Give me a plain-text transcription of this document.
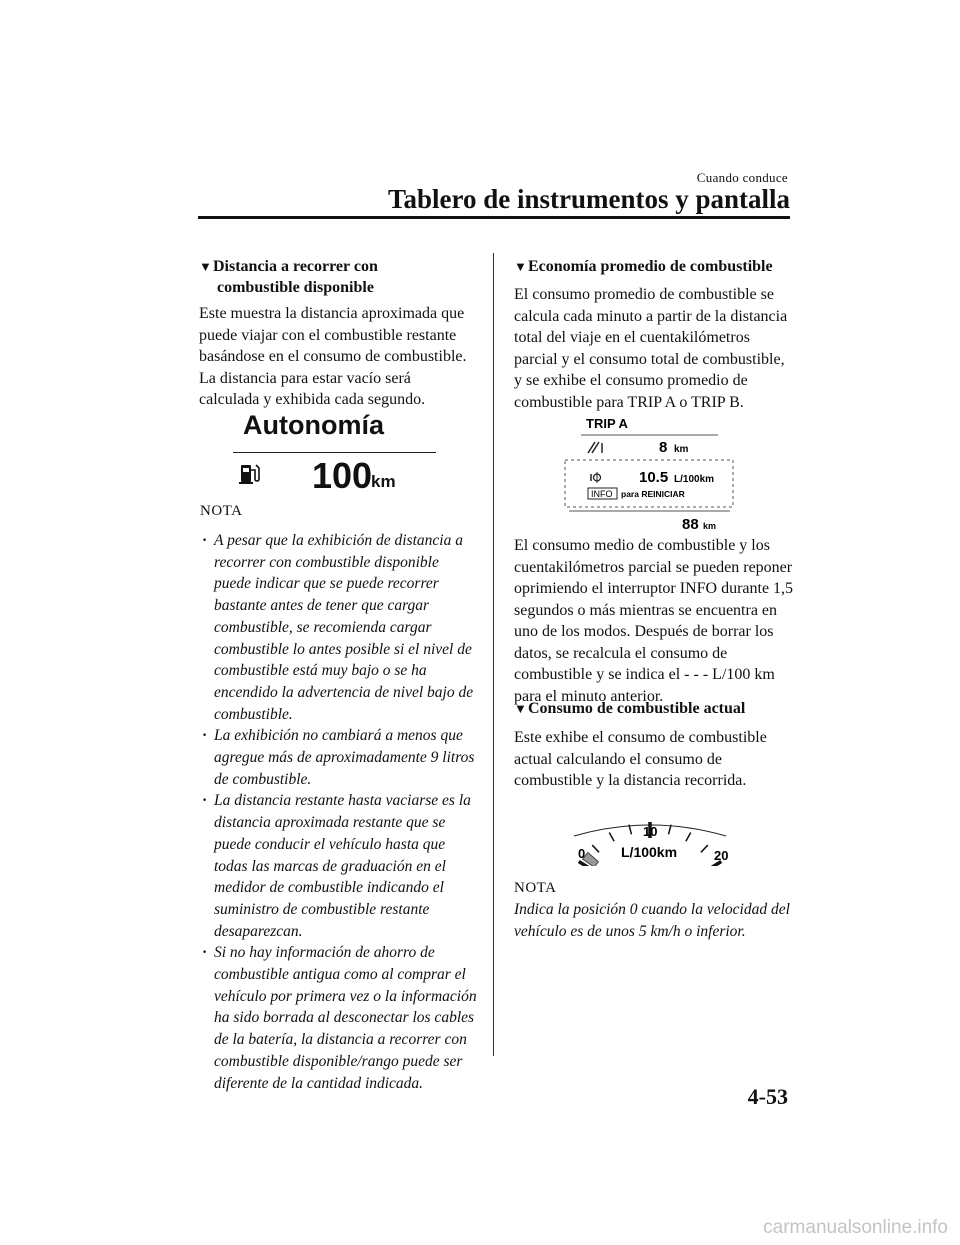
Cuando conduce
Tablero de instrumentos y pantalla
▼Distancia a recorrer con
combustible disponible

Este muestra la distancia aproximada que puede viajar con el combustible restante basándose en el consumo de combustible. La distancia para estar vacío será calculada y exhibida cada segundo.

Autonomía
100
km
NOTA
· A pesar que la exhibición de distancia a recorrer con combustible disponible puede indicar que se puede recorrer bastante antes de tener que cargar combustible, se recomienda cargar combustible lo antes posible si el nivel de combustible está muy bajo o se ha encendido la advertencia de nivel bajo de combustible.
· La exhibición no cambiará a menos que agregue más de aproximadamente 9 litros de combustible.
· La distancia restante hasta vaciarse es la distancia aproximada restante que se puede conducir el vehículo hasta que todas las marcas de graduación en el medidor de combustible indicando el suministro de combustible restante desaparezcan.
· Si no hay información de ahorro de combustible antigua como al comprar el vehículo por primera vez o la información ha sido borrada al desconectar los cables de la batería, la distancia a recorrer con combustible disponible/rango puede ser diferente de la cantidad indicada.
▼Economía promedio de combustible

El consumo promedio de combustible se calcula cada minuto a partir de la distancia total del viaje en el cuentakilómetros parcial y el consumo total de combustible, y se exhibe el consumo promedio de combustible para TRIP A o TRIP B.

TRIP A
8 km
10.5 L/100km
INFO para REINICIAR
88 km

El consumo medio de combustible y los cuentakilómetros parcial se pueden reponer oprimiendo el interruptor INFO durante 1,5 segundos o más mientras se encuentra en uno de los modos. Después de borrar los datos, se recalcula el consumo de combustible y se indica el - - - L/100 km para el minuto anterior.

▼Consumo de combustible actual

Este exhibe el consumo de combustible actual calculando el consumo de combustible y la distancia recorrida.

0
10
20
L/100km
NOTA

Indica la posición 0 cuando la velocidad del vehículo es de unos 5 km/h o inferior.

4-53
carmanualsonline.info
